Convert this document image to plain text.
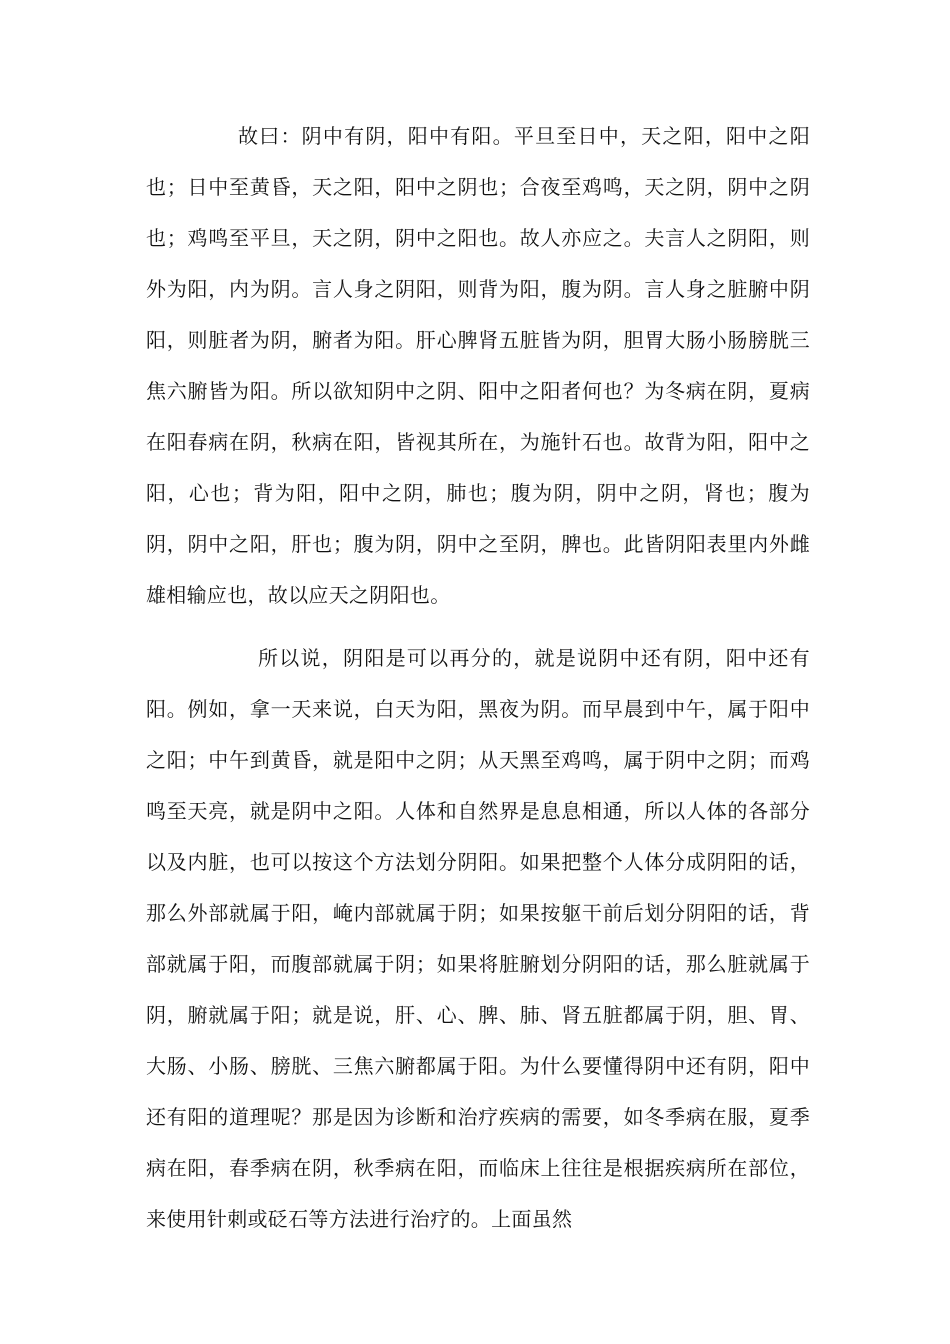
故曰：阴中有阴，阳中有阳。平旦至日中，天之阳，阳中之阳也；日中至黄昏，天之阳，阳中之阴也；合夜至鸡鸣，天之阴，阴中之阴也；鸡鸣至平旦，天之阴，阴中之阳也。故人亦应之。夫言人之阴阳，则外为阳，内为阴。言人身之阴阳，则背为阳，腹为阴。言人身之脏腑中阴阳，则脏者为阴，腑者为阳。肝心脾肾五脏皆为阴，胆胃大肠小肠膀胱三焦六腑皆为阳。所以欲知阴中之阴、阳中之阳者何也？为冬病在阴，夏病在阳春病在阴，秋病在阳，皆视其所在，为施针石也。故背为阳，阳中之阳，心也；背为阳，阳中之阴，肺也；腹为阴，阴中之阴，肾也；腹为阴，阴中之阳，肝也；腹为阴，阴中之至阴，脾也。此皆阴阳表里内外雌雄相输应也，故以应天之阴阳也。

所以说，阴阳是可以再分的，就是说阴中还有阴，阳中还有阳。例如，拿一天来说，白天为阳，黑夜为阴。而早晨到中午，属于阳中之阳；中午到黄昏，就是阳中之阴；从天黑至鸡鸣，属于阴中之阴；而鸡鸣至天亮，就是阴中之阳。人体和自然界是息息相通，所以人体的各部分以及内脏，也可以按这个方法划分阴阳。如果把整个人体分成阴阳的话，那么外部就属于阳，崦内部就属于阴；如果按躯干前后划分阴阳的话，背部就属于阳，而腹部就属于阴；如果将脏腑划分阴阳的话，那么脏就属于阴，腑就属于阳；就是说，肝、心、脾、肺、肾五脏都属于阴，胆、胃、大肠、小肠、膀胱、三焦六腑都属于阳。为什么要懂得阴中还有阴，阳中还有阳的道理呢？那是因为诊断和治疗疾病的需要，如冬季病在服，夏季病在阳，春季病在阴，秋季病在阳，而临床上往往是根据疾病所在部位，来使用针刺或砭石等方法进行治疗的。上面虽然
